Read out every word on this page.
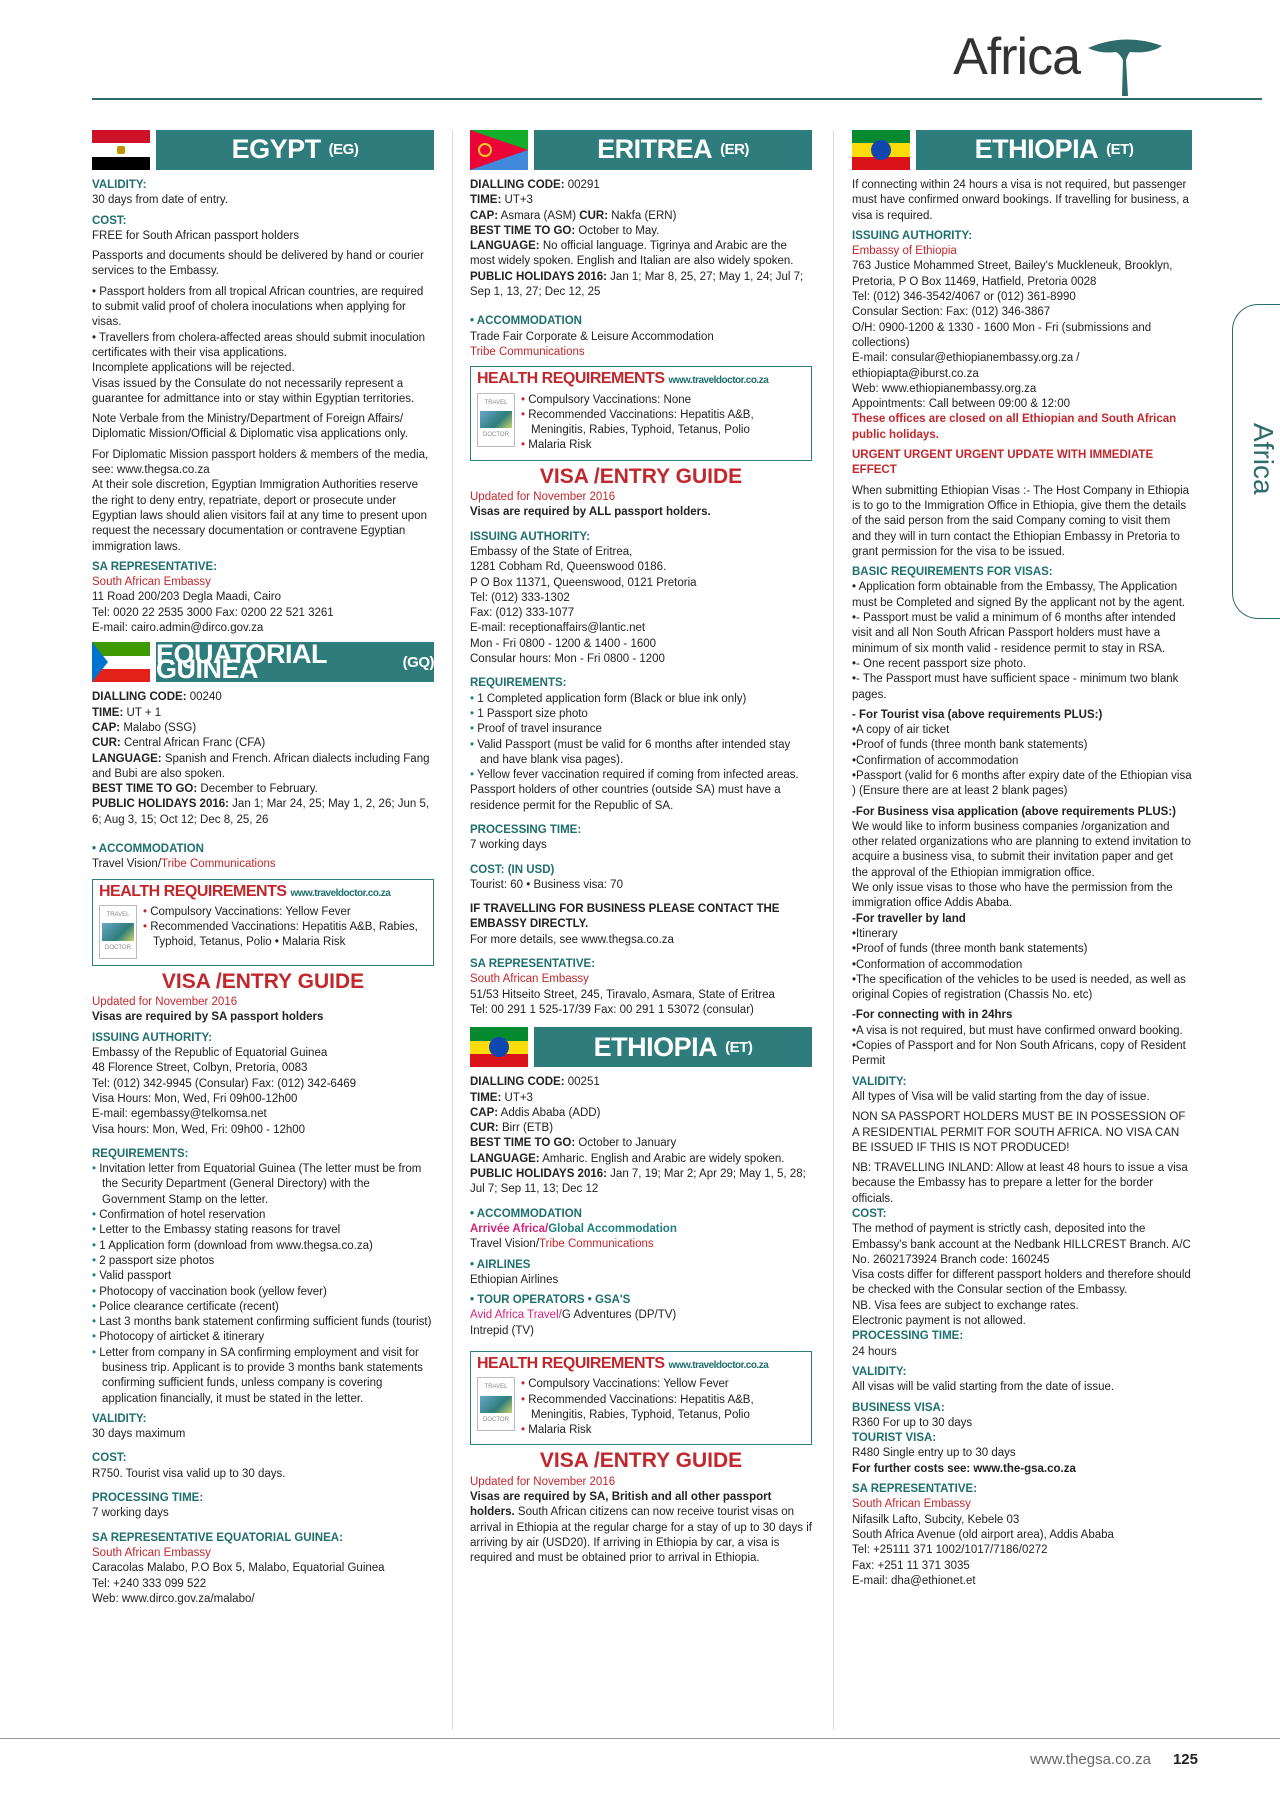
Africa
Africa
EGYPT (EG)
VALIDITY:

30 days from date of entry.

COST:

FREE for South African passport holders

Passports and documents should be delivered by hand or courier services to the Embassy.

• Passport holders from all tropical African countries, are required to submit valid proof of cholera inoculations when applying for visas.

• Travellers from cholera-affected areas should submit inoculation certificates with their visa applications.

Incomplete applications will be rejected.

Visas issued by the Consulate do not necessarily represent a guarantee for admittance into or stay within Egyptian territories.

Note Verbale from the Ministry/Department of Foreign Affairs/ Diplomatic Mission/Official & Diplomatic visa applications only.

For Diplomatic Mission passport holders & members of the media, see: www.thegsa.co.za

At their sole discretion, Egyptian Immigration Authorities reserve the right to deny entry, repatriate, deport or prosecute under Egyptian laws should alien visitors fail at any time to present upon request the necessary documentation or contravene Egyptian immigration laws.

SA REPRESENTATIVE:

South African Embassy

11 Road 200/203 Degla Maadi, Cairo

Tel: 0020 22 2535 3000 Fax: 0200 22 521 3261

E-mail: cairo.admin@dirco.gov.za

EQUATORIAL GUINEA	(GQ)

DIALLING CODE: 00240

TIME: UT + 1

CAP: Malabo (SSG)

CUR: Central African Franc (CFA)

LANGUAGE: Spanish and French. African dialects including Fang and Bubi are also spoken.

BEST TIME TO GO: December to February.

PUBLIC HOLIDAYS 2016: Jan 1; Mar 24, 25; May 1, 2, 26; Jun 5, 6; Aug 3, 15; Oct 12; Dec 8, 25, 26

• ACCOMMODATION

Travel Vision/Tribe Communications

HEALTH REQUIREMENTS www.traveldoctor.co.za
TRAVEL
DOCTOR
• Compulsory Vaccinations: Yellow Fever
• Recommended Vaccinations: Hepatitis A&B, Rabies, Typhoid, Tetanus, Polio • Malaria Risk
VISA /ENTRY GUIDE

Updated for November 2016

Visas are required by SA passport holders

ISSUING AUTHORITY:

Embassy of the Republic of Equatorial Guinea

48 Florence Street, Colbyn, Pretoria, 0083

Tel: (012) 342-9945 (Consular) Fax: (012) 342-6469

Visa Hours: Mon, Wed, Fri 09h00-12h00

E-mail: egembassy@telkomsa.net

Visa hours: Mon, Wed, Fri: 09h00 - 12h00

REQUIREMENTS:
• Invitation letter from Equatorial Guinea (The letter must be from the Security Department (General Directory) with the Government Stamp on the letter.
• Confirmation of hotel reservation
• Letter to the Embassy stating reasons for travel
• 1 Application form (download from www.thegsa.co.za)
• 2 passport size photos
• Valid passport
• Photocopy of vaccination book (yellow fever)
• Police clearance certificate (recent)
• Last 3 months bank statement confirming sufficient funds (tourist)
• Photocopy of airticket & itinerary
• Letter from company in SA confirming employment and visit for business trip. Applicant is to provide 3 months bank statements confirming sufficient funds, unless company is covering application financially, it must be stated in the letter.
VALIDITY:

30 days maximum

COST:

R750. Tourist visa valid up to 30 days.

PROCESSING TIME:

7 working days

SA REPRESENTATIVE EQUATORIAL GUINEA:

South African Embassy

Caracolas Malabo, P.O Box 5, Malabo, Equatorial Guinea

Tel: +240 333 099 522

Web: www.dirco.gov.za/malabo/

ERITREA (ER)

DIALLING CODE: 00291

TIME: UT+3

CAP: Asmara (ASM) CUR: Nakfa (ERN)

BEST TIME TO GO: October to May.

LANGUAGE: No official language. Tigrinya and Arabic are the most widely spoken. English and Italian are also widely spoken.

PUBLIC HOLIDAYS 2016: Jan 1; Mar 8, 25, 27; May 1, 24; Jul 7; Sep 1, 13, 27; Dec 12, 25

• ACCOMMODATION

Trade Fair Corporate & Leisure Accommodation

Tribe Communications

HEALTH REQUIREMENTS www.traveldoctor.co.za
TRAVEL
DOCTOR
• Compulsory Vaccinations: None
• Recommended Vaccinations: Hepatitis A&B, Meningitis, Rabies, Typhoid, Tetanus, Polio
• Malaria Risk
VISA /ENTRY GUIDE

Updated for November 2016

Visas are required by ALL passport holders.

ISSUING AUTHORITY:

Embassy of the State of Eritrea,

1281 Cobham Rd, Queenswood 0186.

P O Box 11371, Queenswood, 0121 Pretoria

Tel: (012) 333-1302

Fax: (012) 333-1077

E-mail: receptionaffairs@lantic.net

Mon - Fri 0800 - 1200 & 1400 - 1600

Consular hours: Mon - Fri 0800 - 1200

REQUIREMENTS:
• 1 Completed application form (Black or blue ink only)
• 1 Passport size photo
• Proof of travel insurance
• Valid Passport (must be valid for 6 months after intended stay and have blank visa pages).
• Yellow fever vaccination required if coming from infected areas.

Passport holders of other countries (outside SA) must have a residence permit for the Republic of SA.

PROCESSING TIME:

7 working days

COST: (IN USD)

Tourist: 60 • Business visa: 70

IF TRAVELLING FOR BUSINESS PLEASE CONTACT THE EMBASSY DIRECTLY.

For more details, see www.thegsa.co.za

SA REPRESENTATIVE:

South African Embassy

51/53 Hitseito Street, 245, Tiravalo, Asmara, State of Eritrea

Tel: 00 291 1 525-17/39 Fax: 00 291 1 53072 (consular)

ETHIOPIA (ET)

DIALLING CODE: 00251

TIME: UT+3

CAP: Addis Ababa (ADD)

CUR: Birr (ETB)

BEST TIME TO GO: October to January

LANGUAGE: Amharic. English and Arabic are widely spoken.

PUBLIC HOLIDAYS 2016: Jan 7, 19; Mar 2; Apr 29; May 1, 5, 28; Jul 7; Sep 11, 13; Dec 12

• ACCOMMODATION

Arrivée Africa/Global Accommodation

Travel Vision/Tribe Communications

• AIRLINES

Ethiopian Airlines

• TOUR OPERATORS • GSA'S

Avid Africa Travel/G Adventures (DP/TV)

Intrepid (TV)

HEALTH REQUIREMENTS www.traveldoctor.co.za
TRAVEL
DOCTOR
• Compulsory Vaccinations: Yellow Fever
• Recommended Vaccinations: Hepatitis A&B, Meningitis, Rabies, Typhoid, Tetanus, Polio
• Malaria Risk
VISA /ENTRY GUIDE

Updated for November 2016

Visas are required by SA, British and all other passport holders. South African citizens can now receive tourist visas on arrival in Ethiopia at the regular charge for a stay of up to 30 days if arriving by air (USD20). If arriving in Ethiopia by car, a visa is required and must be obtained prior to arrival in Ethiopia.

ETHIOPIA (ET)

If connecting within 24 hours a visa is not required, but passenger must have confirmed onward bookings. If travelling for business, a visa is required.

ISSUING AUTHORITY:

Embassy of Ethiopia

763 Justice Mohammed Street, Bailey's Muckleneuk, Brooklyn, Pretoria, P O Box 11469, Hatfield, Pretoria 0028

Tel: (012) 346-3542/4067 or (012) 361-8990

Consular Section: Fax: (012) 346-3867

O/H: 0900-1200 & 1330 - 1600 Mon - Fri (submissions and collections)

E-mail: consular@ethiopianembassy.org.za / ethiopiapta@iburst.co.za

Web: www.ethiopianembassy.org.za

Appointments: Call between 09:00 & 12:00

These offices are closed on all Ethiopian and South African public holidays.

URGENT URGENT URGENT UPDATE WITH IMMEDIATE EFFECT

When submitting Ethiopian Visas :- The Host Company in Ethiopia is to go to the Immigration Office in Ethiopia, give them the details of the said person from the said Company coming to visit them and they will in turn contact the Ethiopian Embassy in Pretoria to grant permission for the visa to be issued.

BASIC REQUIREMENTS FOR VISAS:

• Application form obtainable from the Embassy, The Application must be Completed and signed By the applicant not by the agent.

•- Passport must be valid a minimum of 6 months after intended visit and all Non South African Passport holders must have a minimum of six month valid - residence permit to stay in RSA.

•- One recent passport size photo.

•- The Passport must have sufficient space - minimum two blank pages.

- For Tourist visa (above requirements PLUS:)

•A copy of air ticket

•Proof of funds (three month bank statements)

•Confirmation of accommodation

•Passport (valid for 6 months after expiry date of the Ethiopian visa ) (Ensure there are at least 2 blank pages)

-For Business visa application (above requirements PLUS:)

We would like to inform business companies /organization and other related organizations who are planning to extend invitation to acquire a business visa, to submit their invitation paper and get the approval of the Ethiopian immigration office.

We only issue visas to those who have the permission from the immigration office Addis Ababa.

-For traveller by land

•Itinerary

•Proof of funds (three month bank statements)

•Conformation of accommodation

•The specification of the vehicles to be used is needed, as well as original Copies of registration (Chassis No. etc)

-For connecting with in 24hrs

•A visa is not required, but must have confirmed onward booking.

•Copies of Passport and for Non South Africans, copy of Resident Permit

VALIDITY:

All types of Visa will be valid starting from the day of issue.

NON SA PASSPORT HOLDERS MUST BE IN POSSESSION OF A RESIDENTIAL PERMIT FOR SOUTH AFRICA. NO VISA CAN BE ISSUED IF THIS IS NOT PRODUCED!

NB: TRAVELLING INLAND: Allow at least 48 hours to issue a visa because the Embassy has to prepare a letter for the border officials.

COST:

The method of payment is strictly cash, deposited into the Embassy's bank account at the Nedbank HILLCREST Branch. A/C No. 2602173924 Branch code: 160245

Visa costs differ for different passport holders and therefore should be checked with the Consular section of the Embassy.

NB. Visa fees are subject to exchange rates.

Electronic payment is not allowed.

PROCESSING TIME:

24 hours

VALIDITY:

All visas will be valid starting from the date of issue.

BUSINESS VISA:

R360 For up to 30 days

TOURIST VISA:

R480 Single entry up to 30 days

For further costs see: www.the-gsa.co.za

SA REPRESENTATIVE:

South African Embassy

Nifasilk Lafto, Subcity, Kebele 03

South Africa Avenue (old airport area), Addis Ababa

Tel: +25111 371 1002/1017/7186/0272

Fax: +251 11 371 3035

E-mail: dha@ethionet.et

www.thegsa.co.za 125
